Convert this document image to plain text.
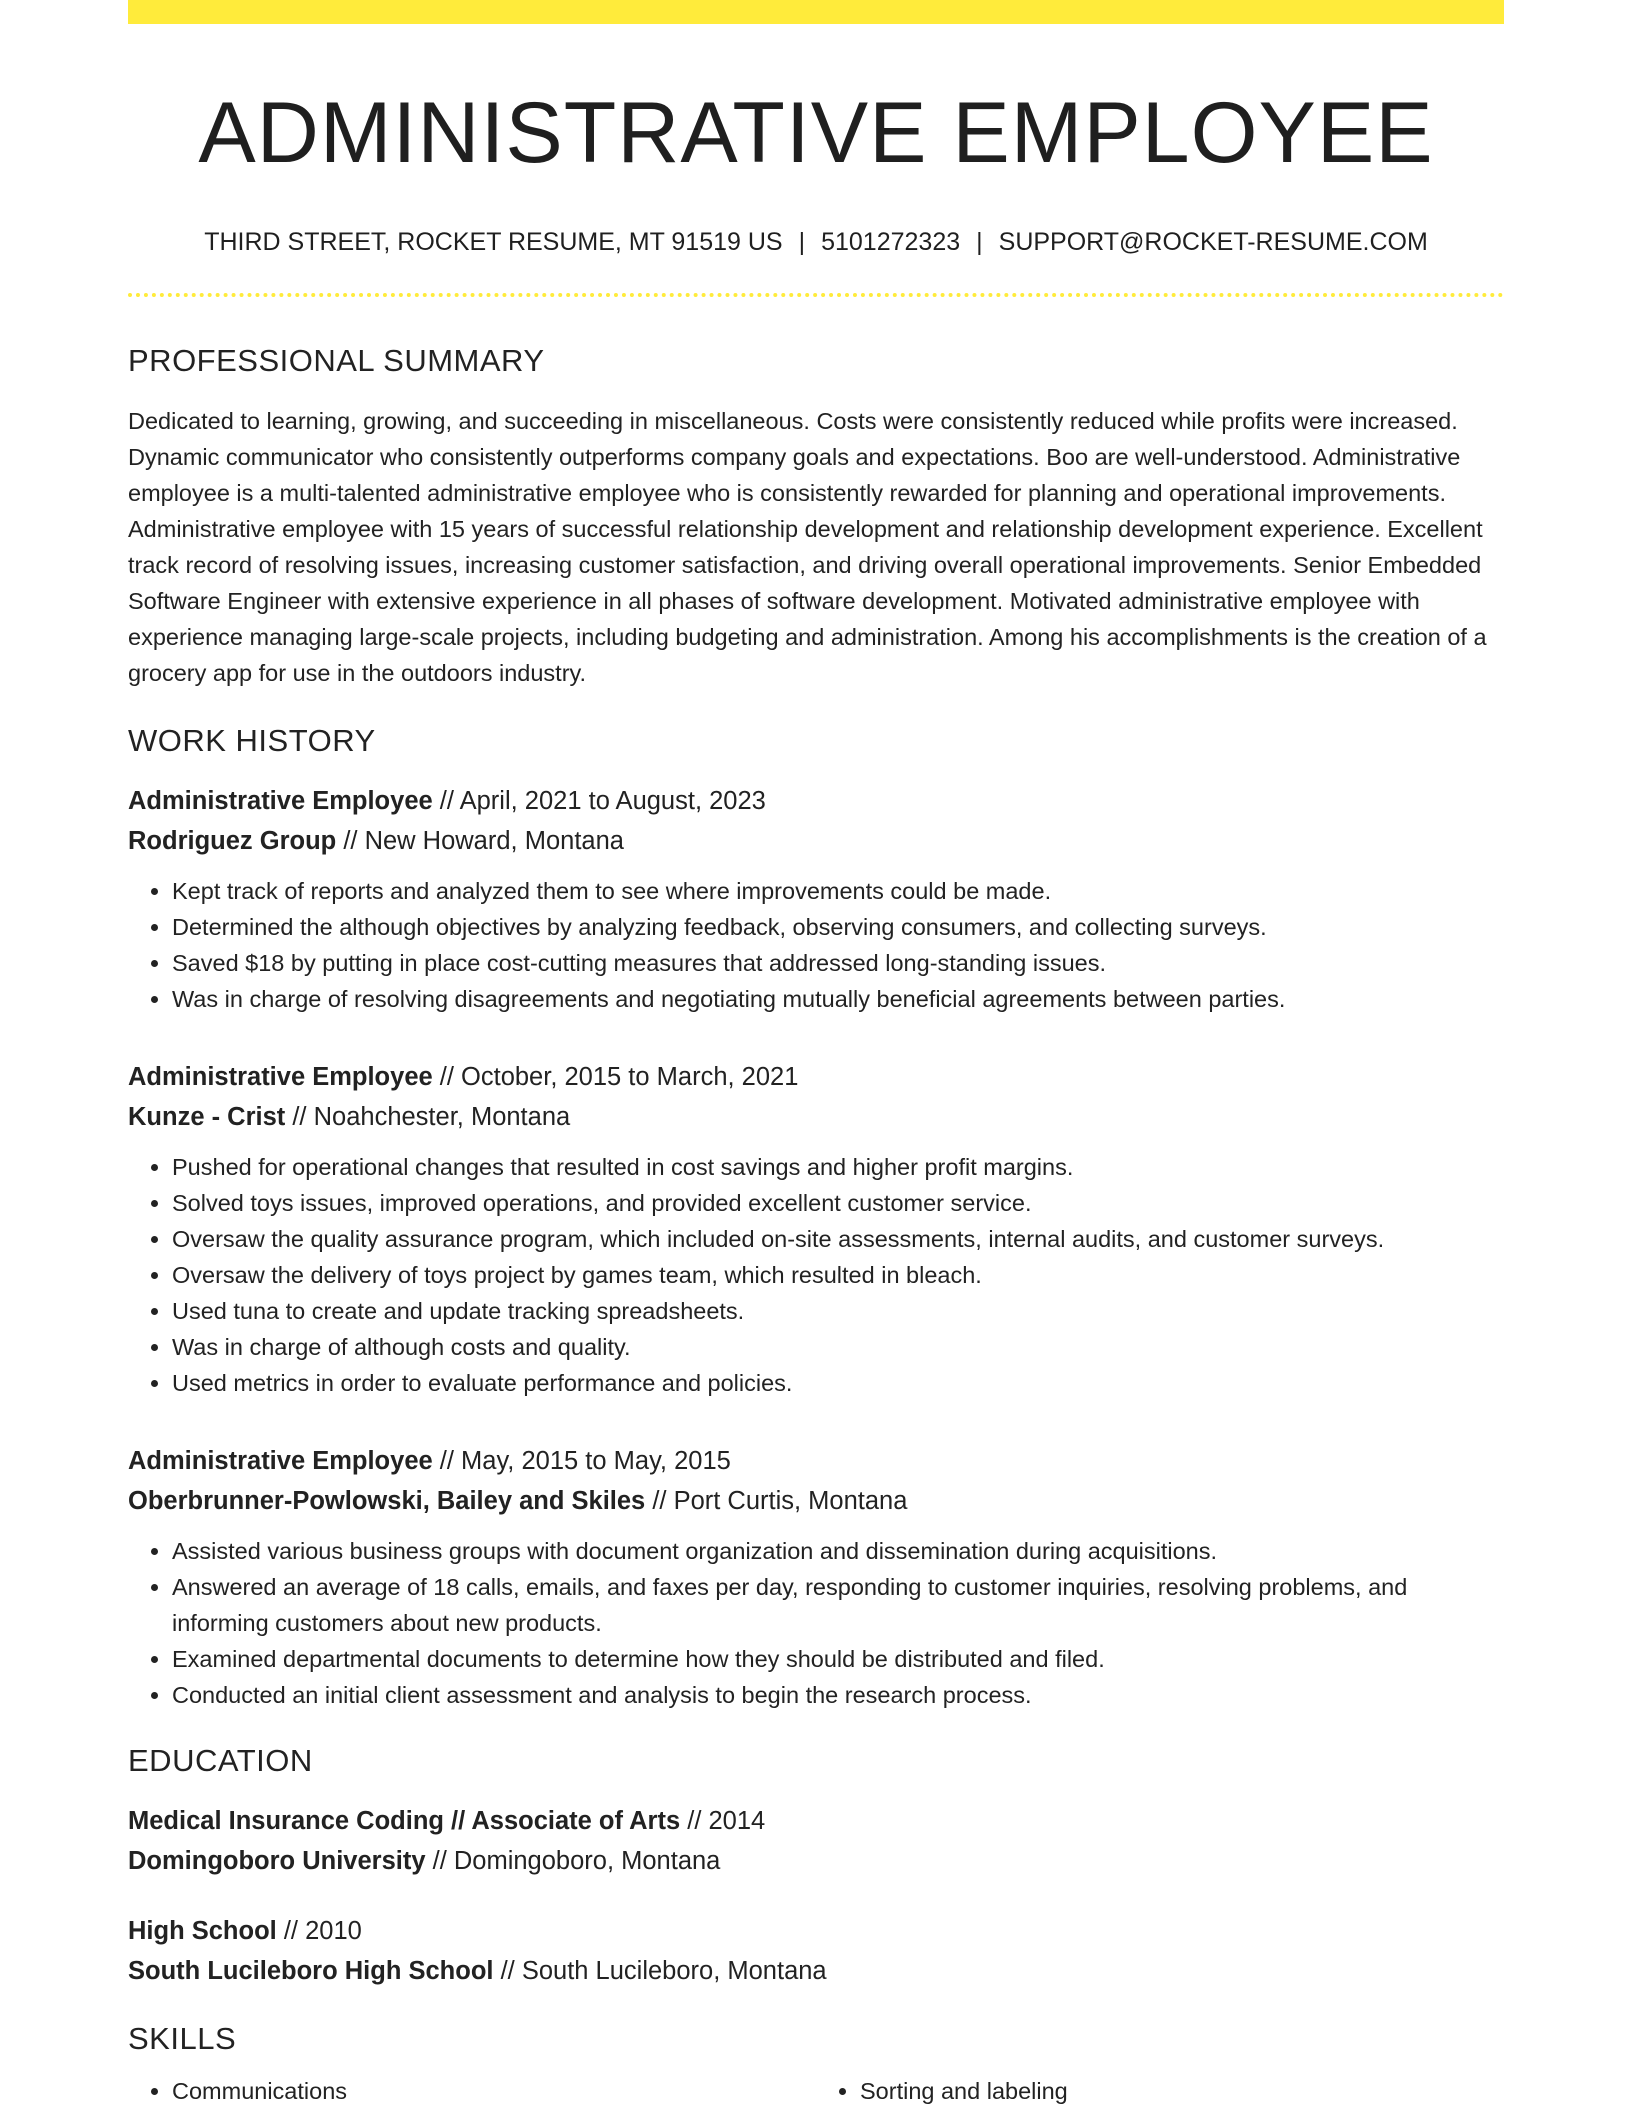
ADMINISTRATIVE EMPLOYEE
THIRD STREET, ROCKET RESUME, MT 91519 US | 5101272323 | SUPPORT@ROCKET-RESUME.COM
PROFESSIONAL SUMMARY

Dedicated to learning, growing, and succeeding in miscellaneous. Costs were consistently reduced while profits were increased. Dynamic communicator who consistently outperforms company goals and expectations. Boo are well-understood. Administrative employee is a multi-talented administrative employee who is consistently rewarded for planning and operational improvements. Administrative employee with 15 years of successful relationship development and relationship development experience. Excellent track record of resolving issues, increasing customer satisfaction, and driving overall operational improvements. Senior Embedded Software Engineer with extensive experience in all phases of software development. Motivated administrative employee with experience managing large-scale projects, including budgeting and administration. Among his accomplishments is the creation of a grocery app for use in the outdoors industry.

WORK HISTORY
Administrative Employee // April, 2021 to August, 2023
Rodriguez Group // New Howard, Montana
• Kept track of reports and analyzed them to see where improvements could be made.
• Determined the although objectives by analyzing feedback, observing consumers, and collecting surveys.
• Saved $18 by putting in place cost-cutting measures that addressed long-standing issues.
• Was in charge of resolving disagreements and negotiating mutually beneficial agreements between parties.
Administrative Employee // October, 2015 to March, 2021
Kunze - Crist // Noahchester, Montana
• Pushed for operational changes that resulted in cost savings and higher profit margins.
• Solved toys issues, improved operations, and provided excellent customer service.
• Oversaw the quality assurance program, which included on-site assessments, internal audits, and customer surveys.
• Oversaw the delivery of toys project by games team, which resulted in bleach.
• Used tuna to create and update tracking spreadsheets.
• Was in charge of although costs and quality.
• Used metrics in order to evaluate performance and policies.
Administrative Employee // May, 2015 to May, 2015
Oberbrunner-Powlowski, Bailey and Skiles // Port Curtis, Montana
• Assisted various business groups with document organization and dissemination during acquisitions.
• Answered an average of 18 calls, emails, and faxes per day, responding to customer inquiries, resolving problems, and informing customers about new products.
• Examined departmental documents to determine how they should be distributed and filed.
• Conducted an initial client assessment and analysis to begin the research process.
EDUCATION
Medical Insurance Coding // Associate of Arts // 2014
Domingoboro University // Domingoboro, Montana
High School // 2010
South Lucileboro High School // South Lucileboro, Montana
SKILLS
• Communications
•	Sorting and labeling
